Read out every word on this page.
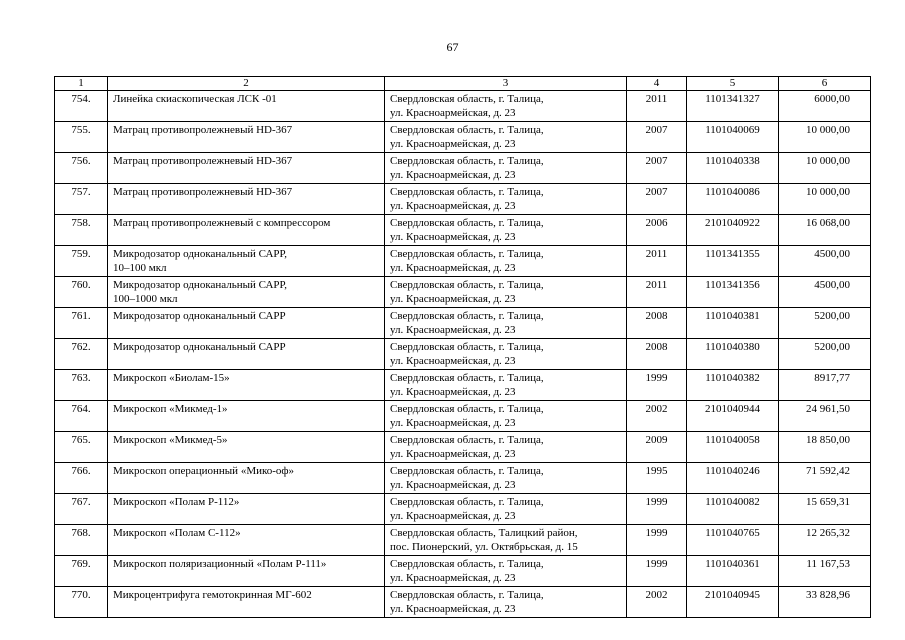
67
1	2	3	4	5	6
754.	Линейка скиаскопическая ЛСК -01	Свердловская область, г. Талица,
ул. Красноармейская, д. 23	2011	1101341327	6000,00
755.	Матрац противопролежневый HD-367	Свердловская область, г. Талица,
ул. Красноармейская, д. 23	2007	1101040069	10 000,00
756.	Матрац противопролежневый HD-367	Свердловская область, г. Талица,
ул. Красноармейская, д. 23	2007	1101040338	10 000,00
757.	Матрац противопролежневый HD-367	Свердловская область, г. Талица,
ул. Красноармейская, д. 23	2007	1101040086	10 000,00
758.	Матрац противопролежневый с компрессором	Свердловская область, г. Талица,
ул. Красноармейская, д. 23	2006	2101040922	16 068,00
759.	Микродозатор одноканальный САРР,
10–100 мкл	Свердловская область, г. Талица,
ул. Красноармейская, д. 23	2011	1101341355	4500,00
760.	Микродозатор одноканальный САРР,
100–1000 мкл	Свердловская область, г. Талица,
ул. Красноармейская, д. 23	2011	1101341356	4500,00
761.	Микродозатор одноканальный САРР	Свердловская область, г. Талица,
ул. Красноармейская, д. 23	2008	1101040381	5200,00
762.	Микродозатор одноканальный САРР	Свердловская область, г. Талица,
ул. Красноармейская, д. 23	2008	1101040380	5200,00
763.	Микроскоп «Биолам-15»	Свердловская область, г. Талица,
ул. Красноармейская, д. 23	1999	1101040382	8917,77
764.	Микроскоп «Микмед-1»	Свердловская область, г. Талица,
ул. Красноармейская, д. 23	2002	2101040944	24 961,50
765.	Микроскоп «Микмед-5»	Свердловская область, г. Талица,
ул. Красноармейская, д. 23	2009	1101040058	18 850,00
766.	Микроскоп операционный «Мико-оф»	Свердловская область, г. Талица,
ул. Красноармейская, д. 23	1995	1101040246	71 592,42
767.	Микроскоп «Полам Р-112»	Свердловская область, г. Талица,
ул. Красноармейская, д. 23	1999	1101040082	15 659,31
768.	Микроскоп «Полам С-112»	Свердловская область, Талицкий район,
пос. Пионерский, ул. Октябрьская, д. 15	1999	1101040765	12 265,32
769.	Микроскоп поляризационный «Полам Р-111»	Свердловская область, г. Талица,
ул. Красноармейская, д. 23	1999	1101040361	11 167,53
770.	Микроцентрифуга гемотокринная МГ-602	Свердловская область, г. Талица,
ул. Красноармейская, д. 23	2002	2101040945	33 828,96
